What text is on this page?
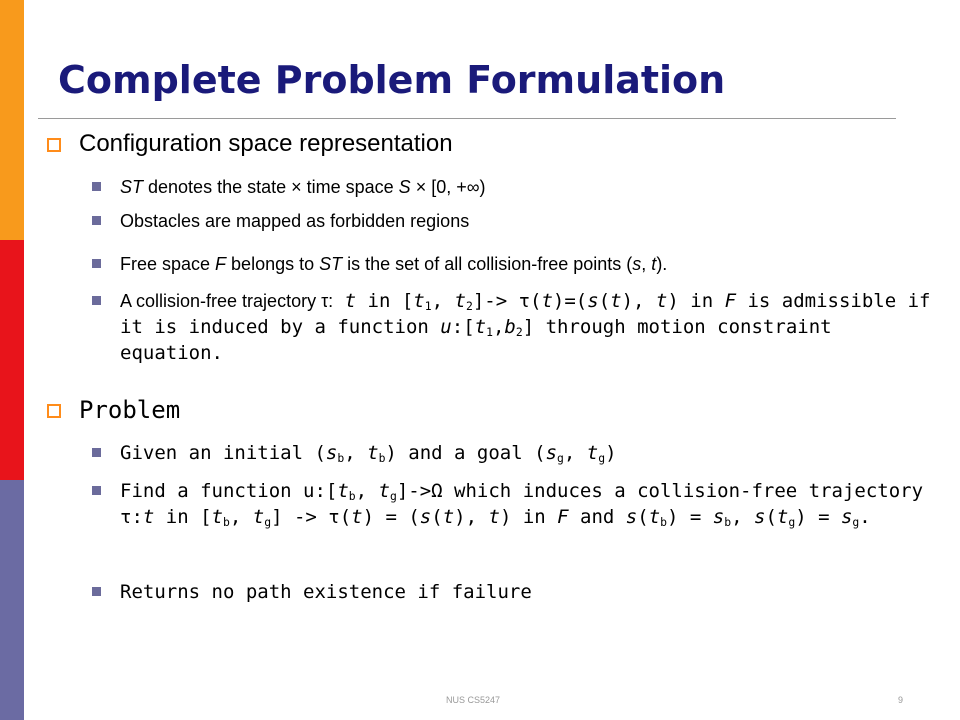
Complete Problem Formulation
Configuration space representation
ST denotes the state × time space S × [0, +∞)
Obstacles are mapped as forbidden regions
Free space F belongs to ST is the set of all collision-free points (s, t).
A collision-free trajectory τ: t in [$t_1$, $t_2]-> \tau(t)=(s(t)$, t) in F is admissible if it is induced by a function $u:[t_1,b_2]$ through motion constraint equation.
Problem
Given an initial ($s_b$, $t_b$) and a goal ($s_g$, $t_g$)
Find a function $u:[t_b$, $t_g]->\Omega$ which induces a collision-free trajectory τ:t in [$t_b$, $t_g] -> \tau(t) = (s(t)$, t) in F and $s(t_b) = s_b$, $s(t_g) = s_g$.
Returns no path existence if failure
NUS CS5247	9
